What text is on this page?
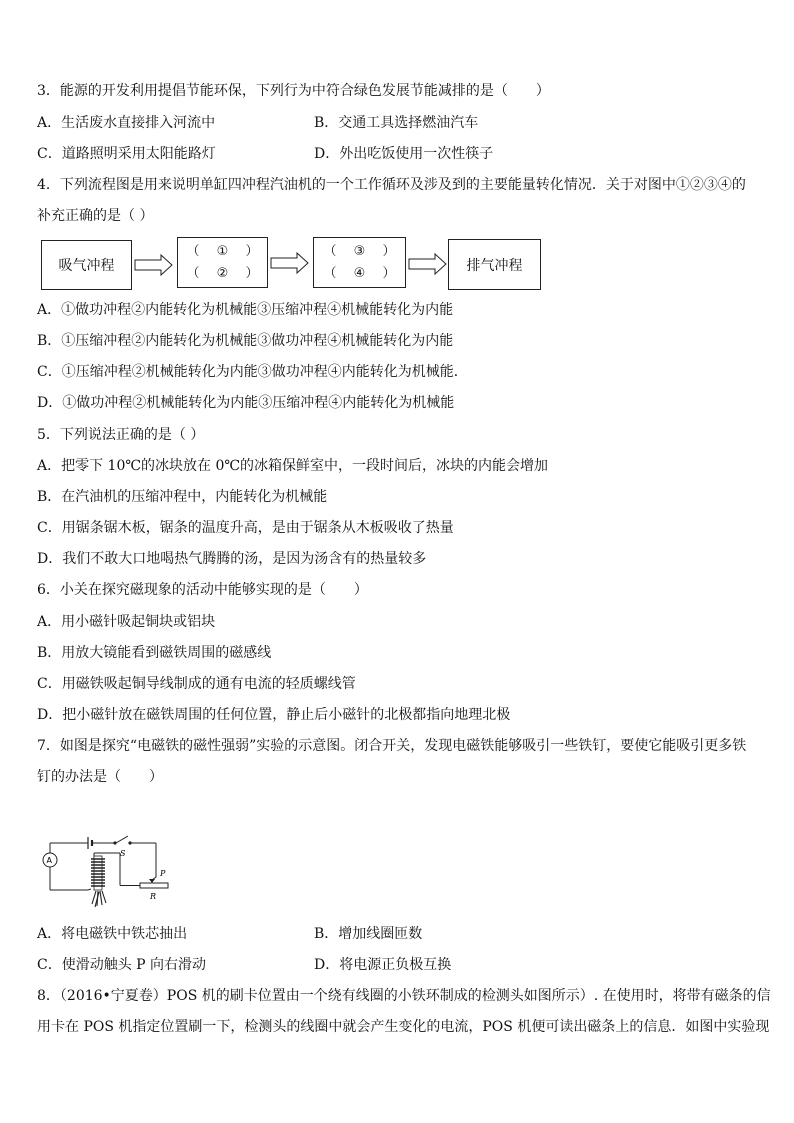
3．能源的开发利用提倡节能环保，下列行为中符合绿色发展节能减排的是（　　）
A．生活废水直接排入河流中	B．交通工具选择燃油汽车
C．道路照明采用太阳能路灯	D．外出吃饭使用一次性筷子
4．下列流程图是用来说明单缸四冲程汽油机的一个工作循环及涉及到的主要能量转化情况．关于对图中①②③④的
补充正确的是（ ）
吸气冲程
（　 ①　 ）
（　 ②　 ）
（　 ③　 ）
（　 ④　 ）	排气冲程
A．①做功冲程②内能转化为机械能③压缩冲程④机械能转化为内能
B．①压缩冲程②内能转化为机械能③做功冲程④机械能转化为内能
C．①压缩冲程②机械能转化为内能③做功冲程④内能转化为机械能．
D．①做功冲程②机械能转化为内能③压缩冲程④内能转化为机械能
5．下列说法正确的是（ ）
A．把零下 10℃的冰块放在 0℃的冰箱保鲜室中，一段时间后，冰块的内能会增加
B．在汽油机的压缩冲程中，内能转化为机械能
C．用锯条锯木板，锯条的温度升高，是由于锯条从木板吸收了热量
D．我们不敢大口地喝热气腾腾的汤，是因为汤含有的热量较多
6．小关在探究磁现象的活动中能够实现的是（　　）
A．用小磁针吸起铜块或铝块
B．用放大镜能看到磁铁周围的磁感线
C．用磁铁吸起铜导线制成的通有电流的轻质螺线管
D．把小磁针放在磁铁周围的任何位置，静止后小磁针的北极都指向地理北极
7．如图是探究“电磁铁的磁性强弱”实验的示意图。闭合开关，发现电磁铁能够吸引一些铁钉，要使它能吸引更多铁
钉的办法是（　　）
S
P
R
A
A．将电磁铁中铁芯抽出	B．增加线圈匝数
C．使滑动触头 P 向右滑动	D．将电源正负极互换
8．（2016•宁夏卷）POS 机的刷卡位置由一个绕有线圈的小铁环制成的检测头如图所示）. 在使用时，将带有磁条的信
用卡在 POS 机指定位置刷一下，检测头的线圈中就会产生变化的电流，POS 机便可读出磁条上的信息．如图中实验现
